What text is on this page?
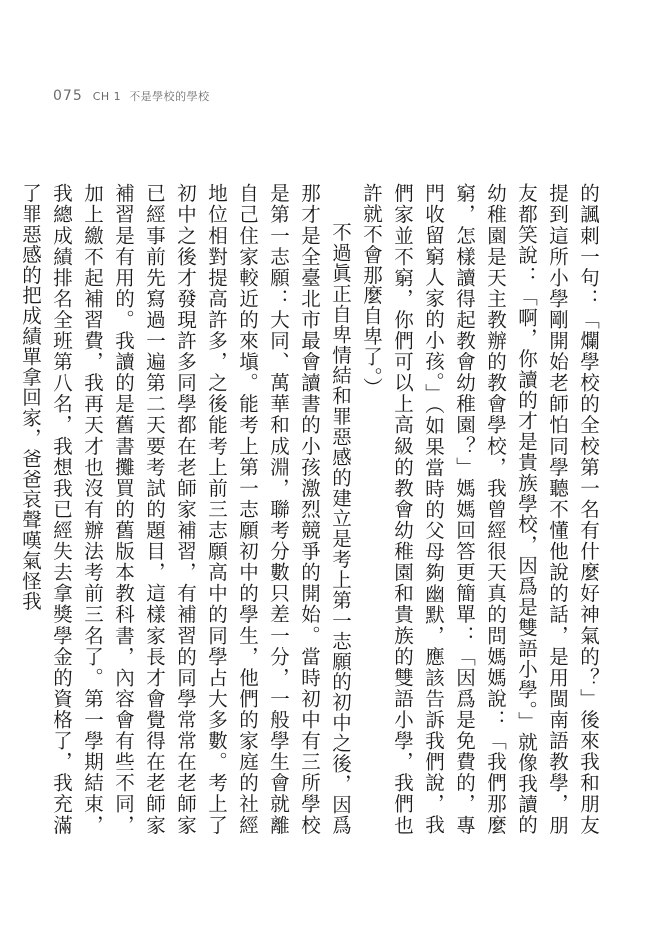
075 CH 1 不是學校的學校

的諷刺一句：「爛學校的全校第一名有什麼好神氣的？」後來我和朋友提到這所小學剛開始老師怕同學聽不懂他說的話，是用閩南語教學，朋友都笑說：「啊，你讀的才是貴族學校，因爲是雙語小學。」就像我讀的幼稚園是天主教辦的教會學校，我曾經很天真的問媽媽說：「我們那麼窮，怎樣讀得起教會幼稚園？」媽媽回答更簡單：「因爲是免費的，專門收留窮人家的小孩。」（如果當時的父母夠幽默，應該告訴我們說，我們家並不窮，你們可以上高級的教會幼稚園和貴族的雙語小學，我們也許就不會那麼自卑了。）

不過眞正自卑情結和罪惡感的建立是考上第一志願的初中之後，因爲那才是全臺北市最會讀書的小孩激烈競爭的開始。當時初中有三所學校是第一志願：大同、萬華和成淵，聯考分數只差一分，一般學生會就離自己住家較近的來塡。能考上第一志願初中的學生，他們的家庭的社經地位相對提高許多，之後能考上前三志願高中的同學占大多數。考上了初中之後才發現許多同學都在老師家補習，有補習的同學常常在老師家已經事前先寫過一遍第二天要考試的題目，這樣家長才會覺得在老師家補習是有用的。我讀的是舊書攤買的舊版本教科書，內容會有些不同，加上繳不起補習費，我再天才也沒有辦法考前三名了。第一學期結束，我總成績排名全班第八名，我想我已經失去拿獎學金的資格了，我充滿了罪惡感的把成績單拿回家，爸爸哀聲嘆氣怪我
